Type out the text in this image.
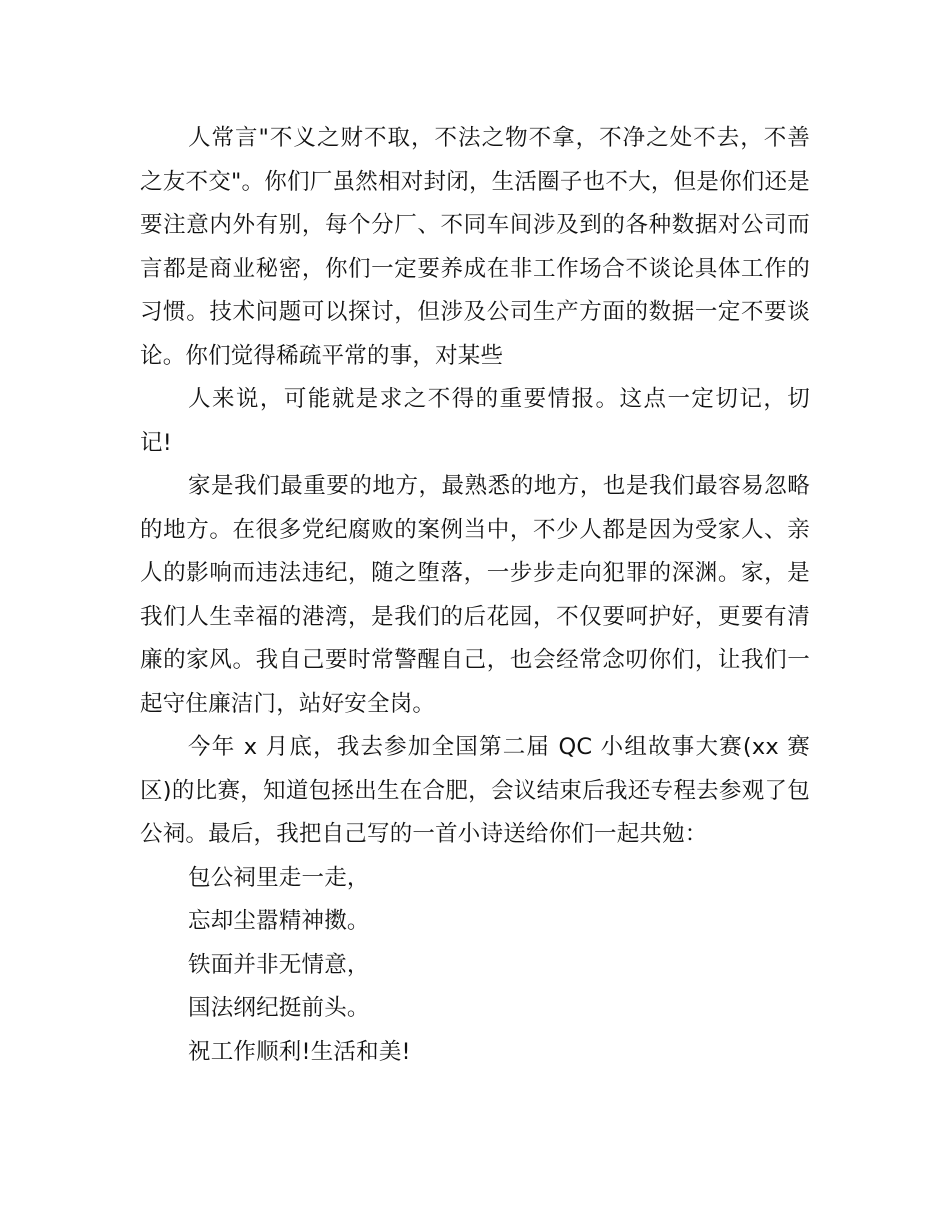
人常言"不义之财不取，不法之物不拿，不净之处不去，不善之友不交"。你们厂虽然相对封闭，生活圈子也不大，但是你们还是要注意内外有别，每个分厂、不同车间涉及到的各种数据对公司而言都是商业秘密，你们一定要养成在非工作场合不谈论具体工作的习惯。技术问题可以探讨，但涉及公司生产方面的数据一定不要谈论。你们觉得稀疏平常的事，对某些

人来说，可能就是求之不得的重要情报。这点一定切记，切记!

家是我们最重要的地方，最熟悉的地方，也是我们最容易忽略的地方。在很多党纪腐败的案例当中，不少人都是因为受家人、亲人的影响而违法违纪，随之堕落，一步步走向犯罪的深渊。家，是我们人生幸福的港湾，是我们的后花园，不仅要呵护好，更要有清廉的家风。我自己要时常警醒自己，也会经常念叨你们，让我们一起守住廉洁门，站好安全岗。

今年 x 月底，我去参加全国第二届 QC 小组故事大赛(xx 赛区)的比赛，知道包拯出生在合肥，会议结束后我还专程去参观了包公祠。最后，我把自己写的一首小诗送给你们一起共勉：

包公祠里走一走，

忘却尘嚣精神擞。

铁面并非无情意，

国法纲纪挺前头。

祝工作顺利!生活和美!
